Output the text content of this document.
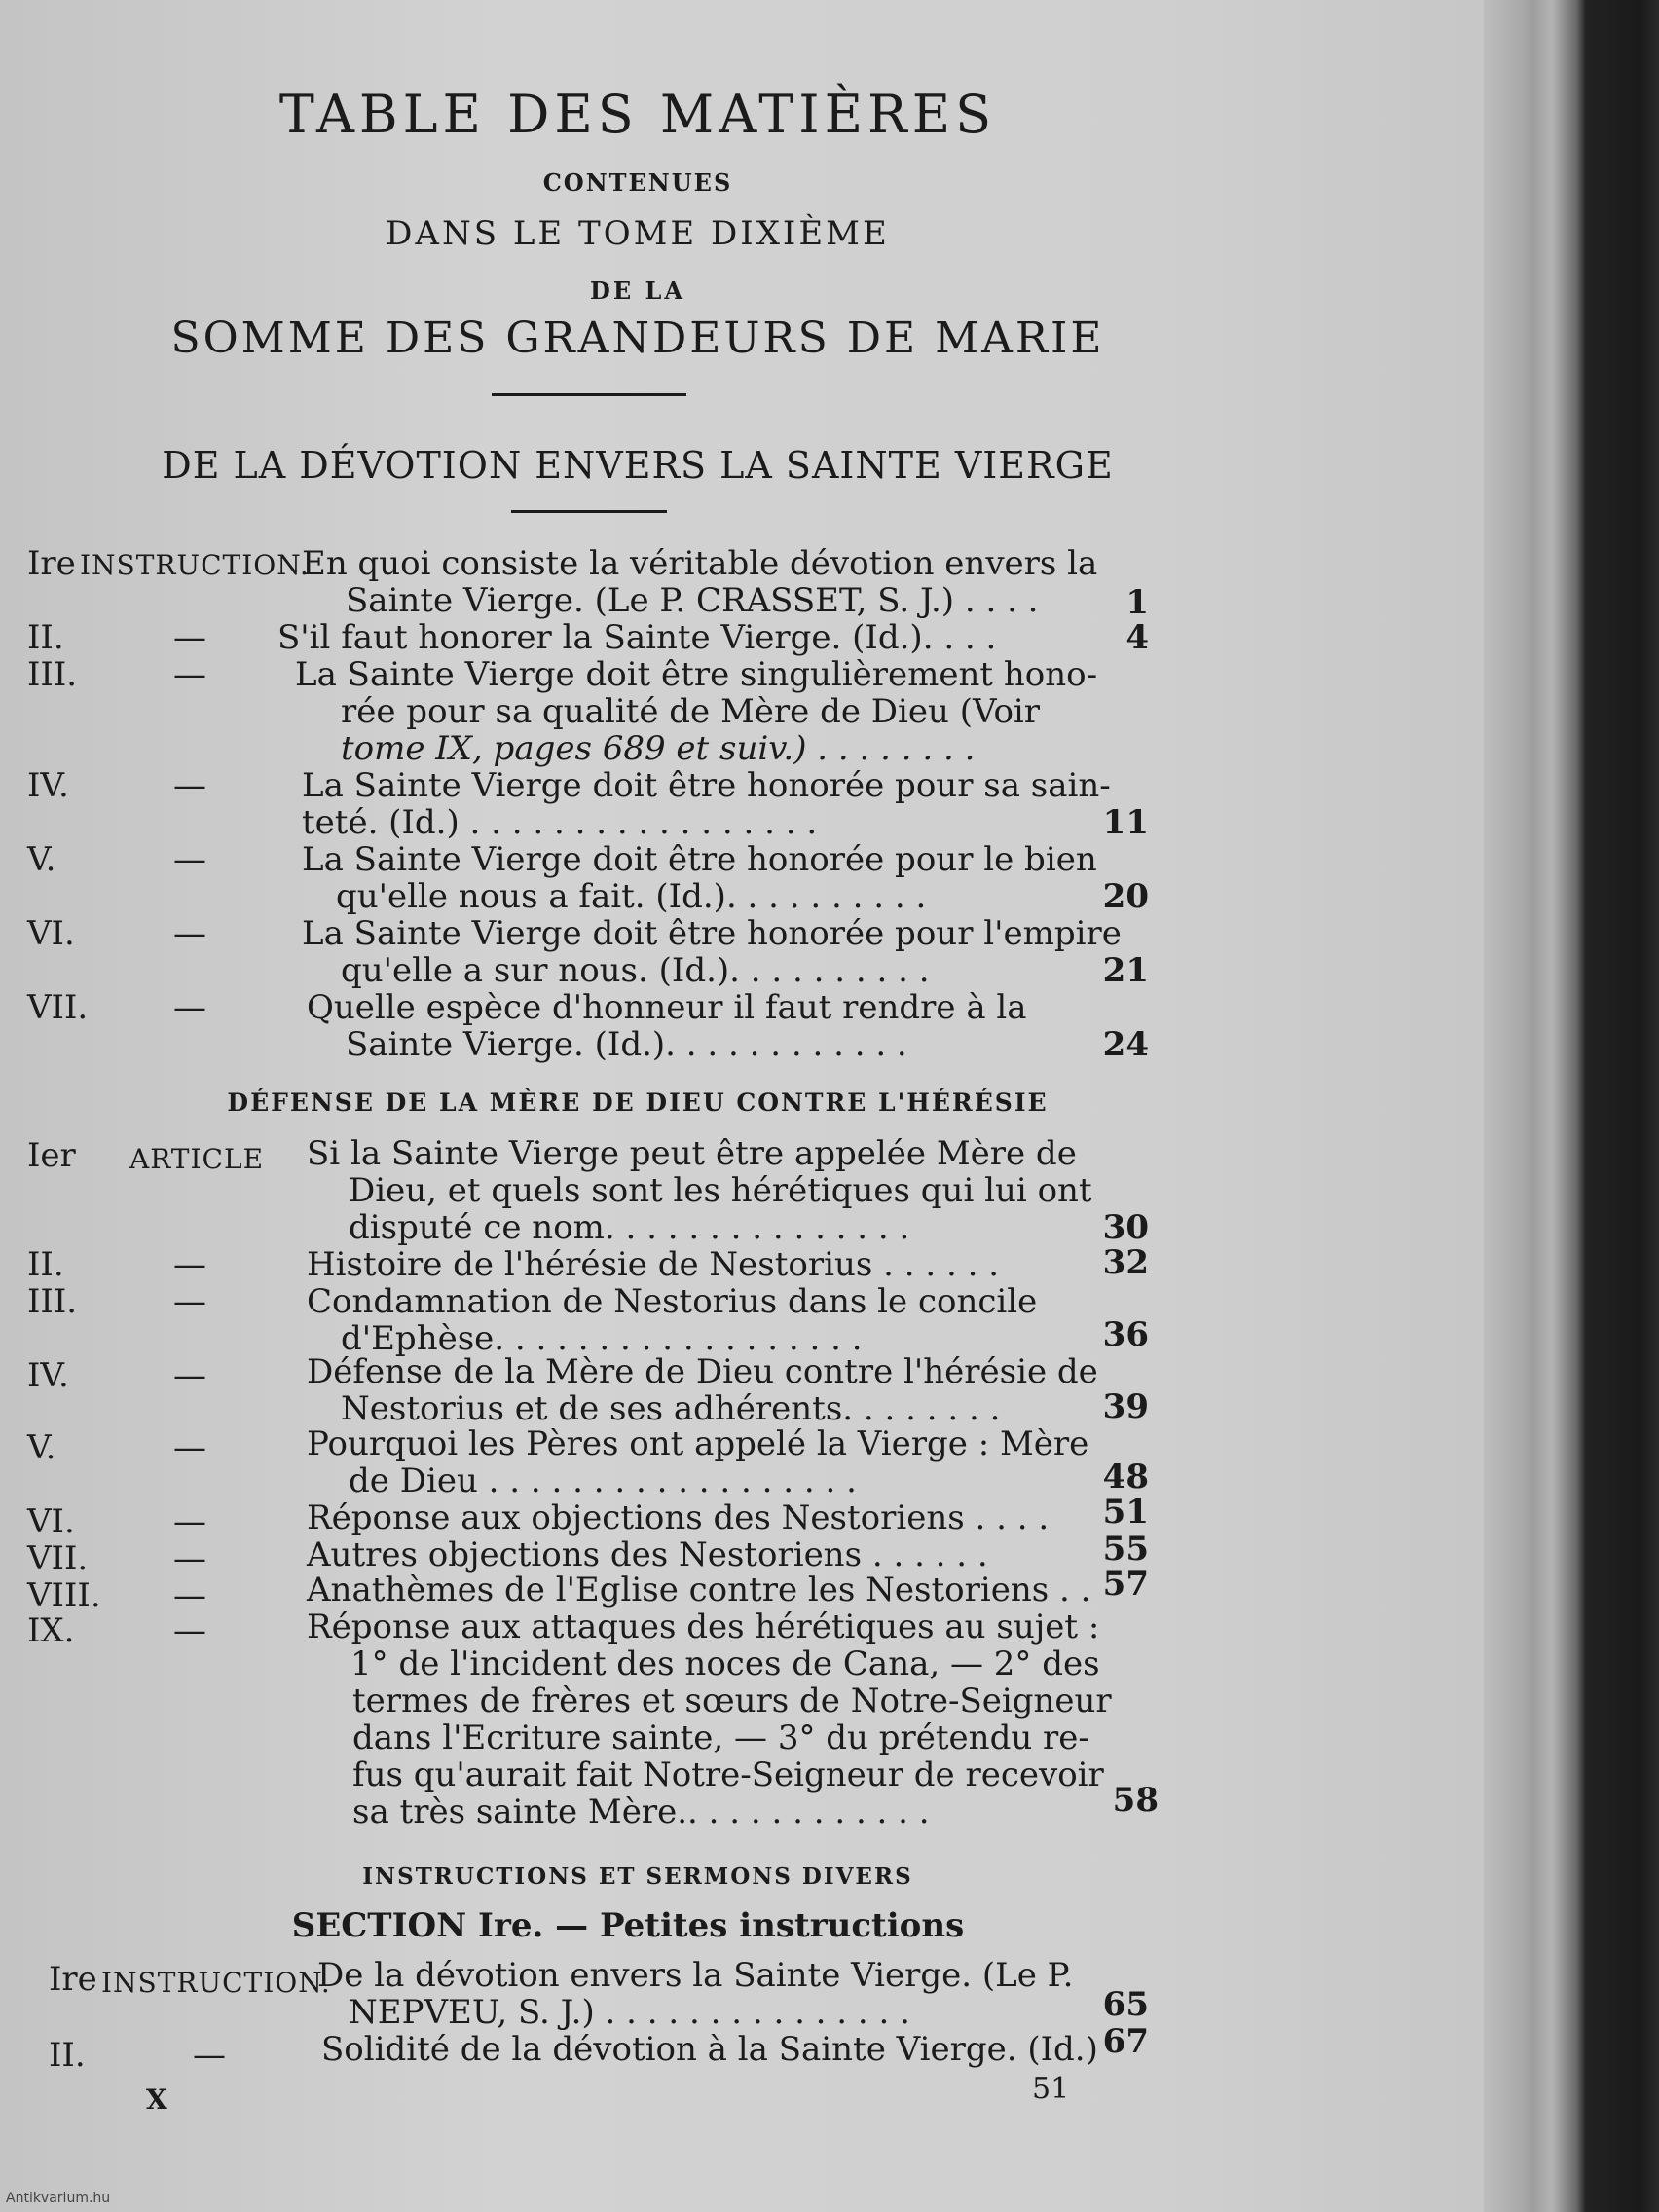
TABLE DES MATIÈRES
CONTENUES
DANS LE TOME DIXIÈME
DE LA
SOMME DES GRANDEURS DE MARIE
DE LA DÉVOTION ENVERS LA SAINTE VIERGE
Ire INSTRUCTION.
En quoi consiste la véritable dévotion envers la
Sainte Vierge. (Le P. CRASSET, S. J.) . . . .	1
II.	— S'il faut honorer la Sainte Vierge. (Id.). . . .	4
III.	—	La Sainte Vierge doit être singulièrement hono-
rée pour sa qualité de Mère de Dieu (Voir
tome IX, pages 689 et suiv.) . . . . . . . .
IV.	—	La Sainte Vierge doit être honorée pour sa sain-
teté. (Id.) . . . . . . . . . . . . . . . . .	11
V.	—	La Sainte Vierge doit être honorée pour le bien
qu'elle nous a fait. (Id.). . . . . . . . . .	20
VI.	—	La Sainte Vierge doit être honorée pour l'empire
qu'elle a sur nous. (Id.). . . . . . . . . .	21
VII.	—	Quelle espèce d'honneur il faut rendre à la
Sainte Vierge. (Id.). . . . . . . . . . . .	24
DÉFENSE DE LA MÈRE DE DIEU CONTRE L'HÉRÉSIE
Ier ARTICLE Si la Sainte Vierge peut être appelée Mère de
Dieu, et quels sont les hérétiques qui lui ont
disputé ce nom. . . . . . . . . . . . . . .	30
II.	—	Histoire de l'hérésie de Nestorius . . . . . .	32
III.	—	Condamnation de Nestorius dans le concile
d'Ephèse. . . . . . . . . . . . . . . . . .	36
IV.	—	Défense de la Mère de Dieu contre l'hérésie de
Nestorius et de ses adhérents. . . . . . . .	39
V.	—	Pourquoi les Pères ont appelé la Vierge : Mère
de Dieu . . . . . . . . . . . . . . . . . .	48
VI.	—	Réponse aux objections des Nestoriens . . . .	51
VII.	—	Autres objections des Nestoriens . . . . . .	55
VIII. —	Anathèmes de l'Eglise contre les Nestoriens . . 57
IX.	—	Réponse aux attaques des hérétiques au sujet :
1° de l'incident des noces de Cana, — 2° des
termes de frères et sœurs de Notre-Seigneur
dans l'Ecriture sainte, — 3° du prétendu re-
fus qu'aurait fait Notre-Seigneur de recevoir
sa très sainte Mère.. . . . . . . . . . . .	58
INSTRUCTIONS ET SERMONS DIVERS
SECTION Ire. — Petites instructions
Ire INSTRUCTION.
De la dévotion envers la Sainte Vierge. (Le P.
NEPVEU, S. J.) . . . . . . . . . . . . . . .	65
II.	—	Solidité de la dévotion à la Sainte Vierge. (Id.) 67
X	51
Antikvarium.hu
